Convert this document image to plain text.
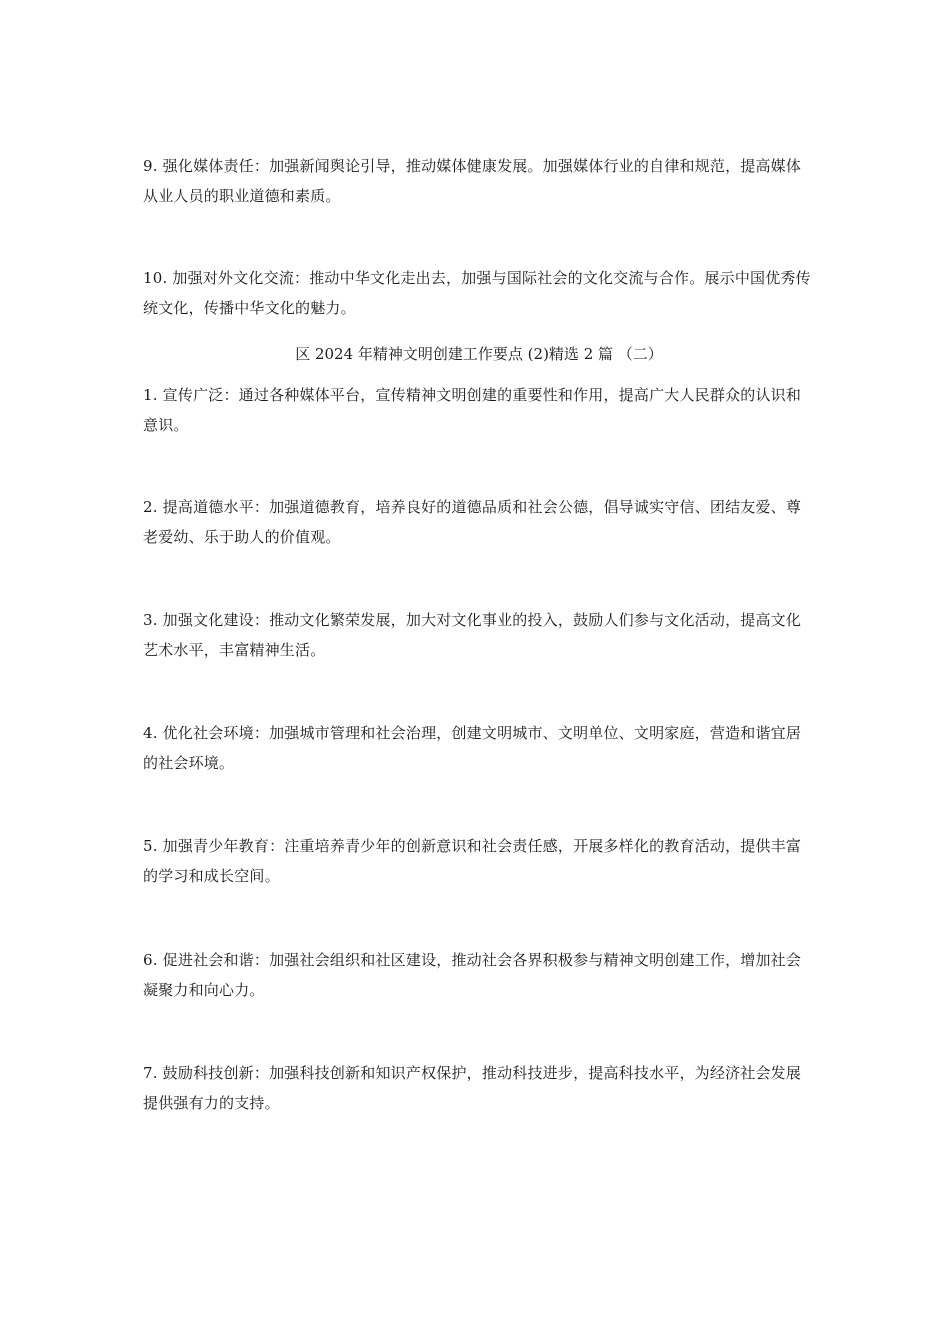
9. 强化媒体责任：加强新闻舆论引导，推动媒体健康发展。加强媒体行业的自律和规范，提高媒体从业人员的职业道德和素质。

10. 加强对外文化交流：推动中华文化走出去，加强与国际社会的文化交流与合作。展示中国优秀传统文化，传播中华文化的魅力。

区 2024 年精神文明创建工作要点 (2)精选 2 篇 （二）

1. 宣传广泛：通过各种媒体平台，宣传精神文明创建的重要性和作用，提高广大人民群众的认识和意识。

2. 提高道德水平：加强道德教育，培养良好的道德品质和社会公德，倡导诚实守信、团结友爱、尊老爱幼、乐于助人的价值观。

3. 加强文化建设：推动文化繁荣发展，加大对文化事业的投入，鼓励人们参与文化活动，提高文化艺术水平，丰富精神生活。

4. 优化社会环境：加强城市管理和社会治理，创建文明城市、文明单位、文明家庭，营造和谐宜居的社会环境。

5. 加强青少年教育：注重培养青少年的创新意识和社会责任感，开展多样化的教育活动，提供丰富的学习和成长空间。

6. 促进社会和谐：加强社会组织和社区建设，推动社会各界积极参与精神文明创建工作，增加社会凝聚力和向心力。

7. 鼓励科技创新：加强科技创新和知识产权保护，推动科技进步，提高科技水平，为经济社会发展提供强有力的支持。
